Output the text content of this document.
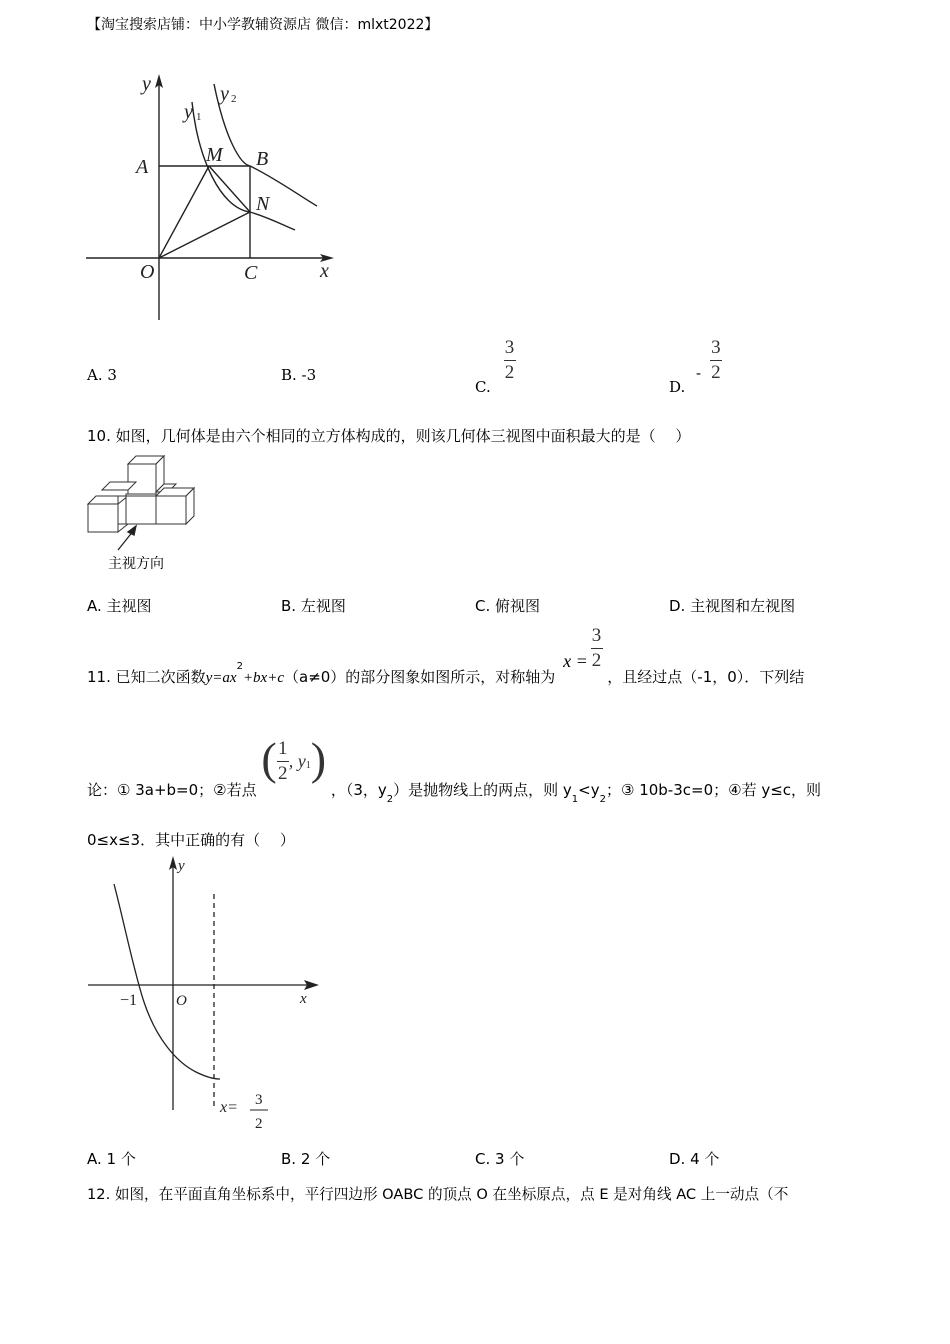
【淘宝搜索店铺：中小学教辅资源店 微信：mlxt2022】
y
y 1
y 2
A
M B
N
O	C	x
A. 3	B. -3
C.
$\frac{3}{2}$
D. - $\frac{3}{2}$
10. 如图，几何体是由六个相同的立方体构成的，则该几何体三视图中面积最大的是（　 ）
主视方向
A. 主视图	B. 左视图	C. 俯视图	D. 主视图和左视图
11. 已知二次函数$y=ax^2+bx+c(a\ne 0)$的部分图象如图所示，对称轴为 $x = \frac{3}{2}$
，且经过点（-1，0）．下列结
论：① 3a+b=0；②若点
( $\frac{1}{2}$ , $y_1$ )
，（3，$y_2$）是抛物线上的两点，则 $y_1<y_2$；③ 10b-3c=0；④若 y≤c，则
0≤x≤3．其中正确的有（　 ）
y
x
−1	O
x= 3
2
A. 1 个	B. 2 个	C. 3 个	D. 4 个
12. 如图，在平面直角坐标系中，平行四边形 OABC 的顶点 O 在坐标原点，点 E 是对角线 AC 上一动点（不
